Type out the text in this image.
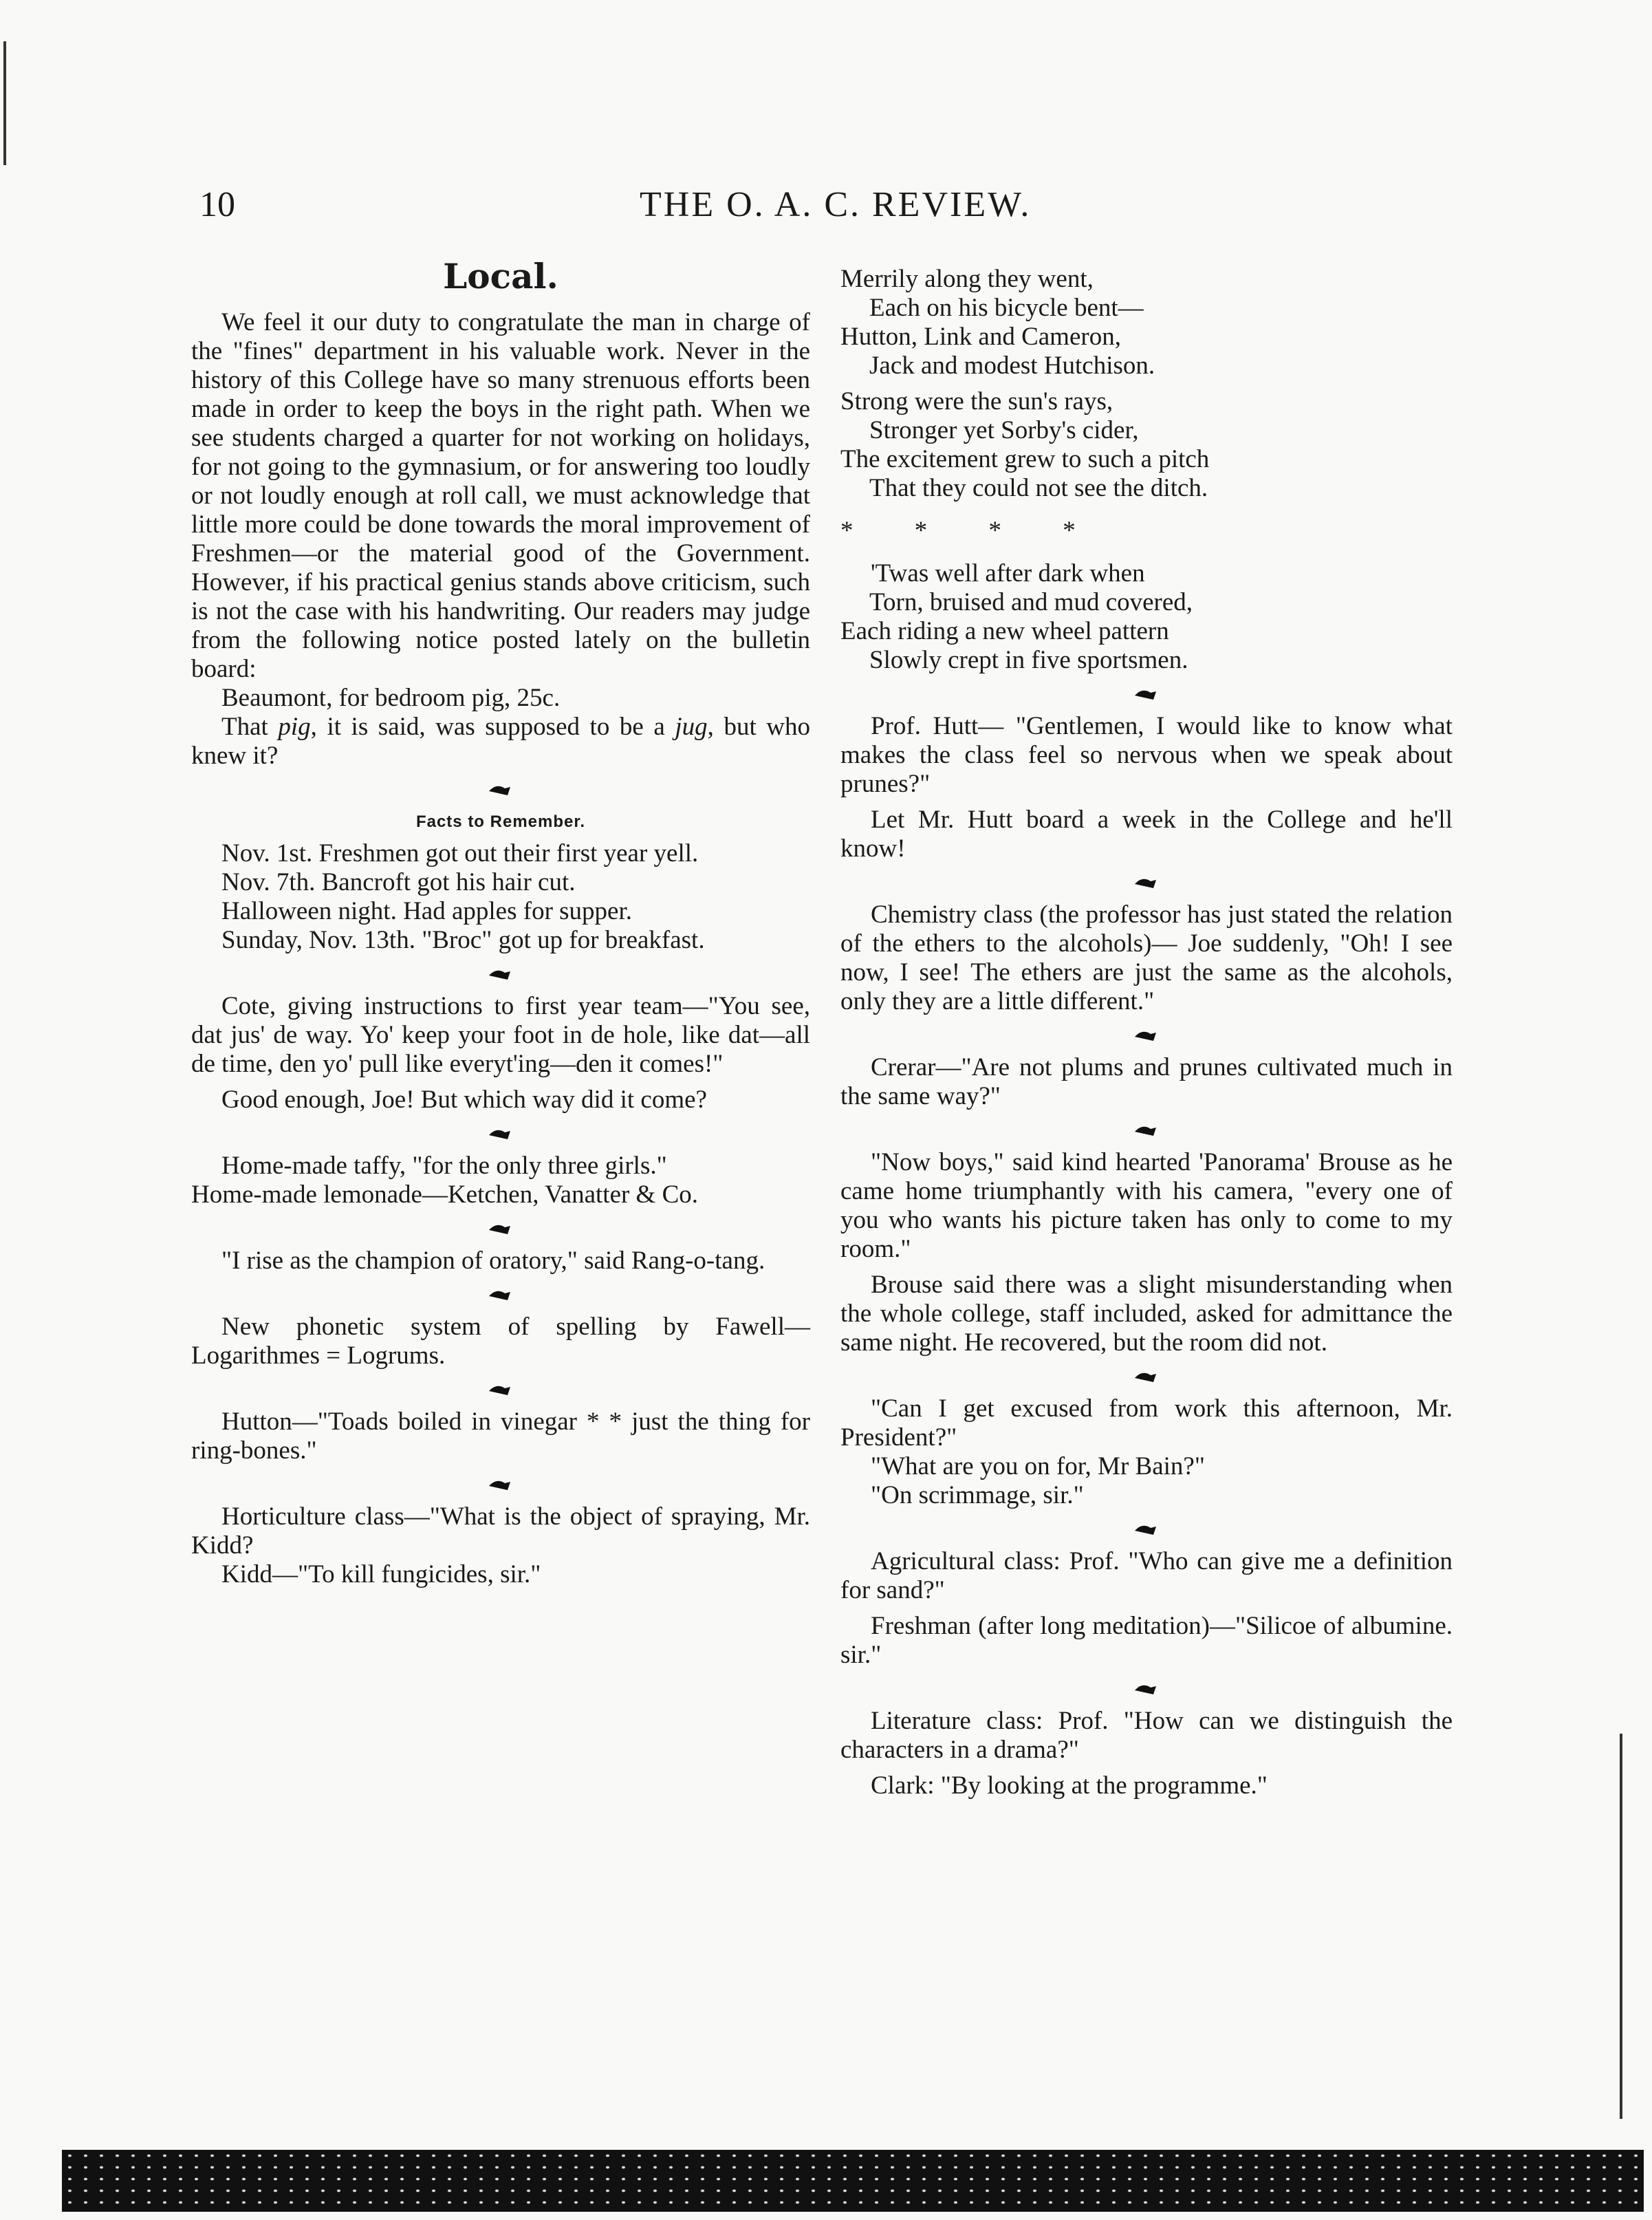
10	THE O. A. C. REVIEW.

Local.

We feel it our duty to congratulate the man in charge of the "fines" department in his valuable work. Never in the history of this College have so many strenuous efforts been made in order to keep the boys in the right path. When we see students charged a quarter for not working on holidays, for not going to the gymnasium, or for answering too loudly or not loudly enough at roll call, we must acknowledge that little more could be done towards the moral improvement of Freshmen—or the material good of the Government. However, if his practical genius stands above criticism, such is not the case with his handwriting. Our readers may judge from the following notice posted lately on the bulletin board:

Beaumont, for bedroom pig, 25c.

That pig, it is said, was supposed to be a jug, but who knew it?

Facts to Remember.

Nov. 1st. Freshmen got out their first year yell.

Nov. 7th. Bancroft got his hair cut.

Halloween night. Had apples for supper.

Sunday, Nov. 13th. "Broc" got up for breakfast.

Cote, giving instructions to first year team—"You see, dat jus' de way. Yo' keep your foot in de hole, like dat—all de time, den yo' pull like everyt'ing—den it comes!"

Good enough, Joe! But which way did it come?

Home-made taffy, "for the only three girls."

Home-made lemonade—Ketchen, Vanatter & Co.

"I rise as the champion of oratory," said Rang-o-tang.

New phonetic system of spelling by Fawell—Logarithmes = Logrums.

Hutton—"Toads boiled in vinegar * * just the thing for ring-bones."

Horticulture class—"What is the object of spraying, Mr. Kidd?

Kidd—"To kill fungicides, sir."

Merrily along they went,

Each on his bicycle bent—

Hutton, Link and Cameron,

Jack and modest Hutchison.

Strong were the sun's rays,

Stronger yet Sorby's cider,

The excitement grew to such a pitch

That they could not see the ditch.

* * * *

'Twas well after dark when

Torn, bruised and mud covered,

Each riding a new wheel pattern

Slowly crept in five sportsmen.

Prof. Hutt— "Gentlemen, I would like to know what makes the class feel so nervous when we speak about prunes?"

Let Mr. Hutt board a week in the College and he'll know!

Chemistry class (the professor has just stated the relation of the ethers to the alcohols)— Joe suddenly, "Oh! I see now, I see! The ethers are just the same as the alcohols, only they are a little different."

Crerar—"Are not plums and prunes cultivated much in the same way?"

"Now boys," said kind hearted 'Panorama' Brouse as he came home triumphantly with his camera, "every one of you who wants his picture taken has only to come to my room."

Brouse said there was a slight misunderstanding when the whole college, staff included, asked for admittance the same night. He recovered, but the room did not.

"Can I get excused from work this afternoon, Mr. President?"

"What are you on for, Mr Bain?"

"On scrimmage, sir."

Agricultural class: Prof. "Who can give me a definition for sand?"

Freshman (after long meditation)—"Silicoe of albumine. sir."

Literature class: Prof. "How can we distinguish the characters in a drama?"

Clark: "By looking at the programme."
